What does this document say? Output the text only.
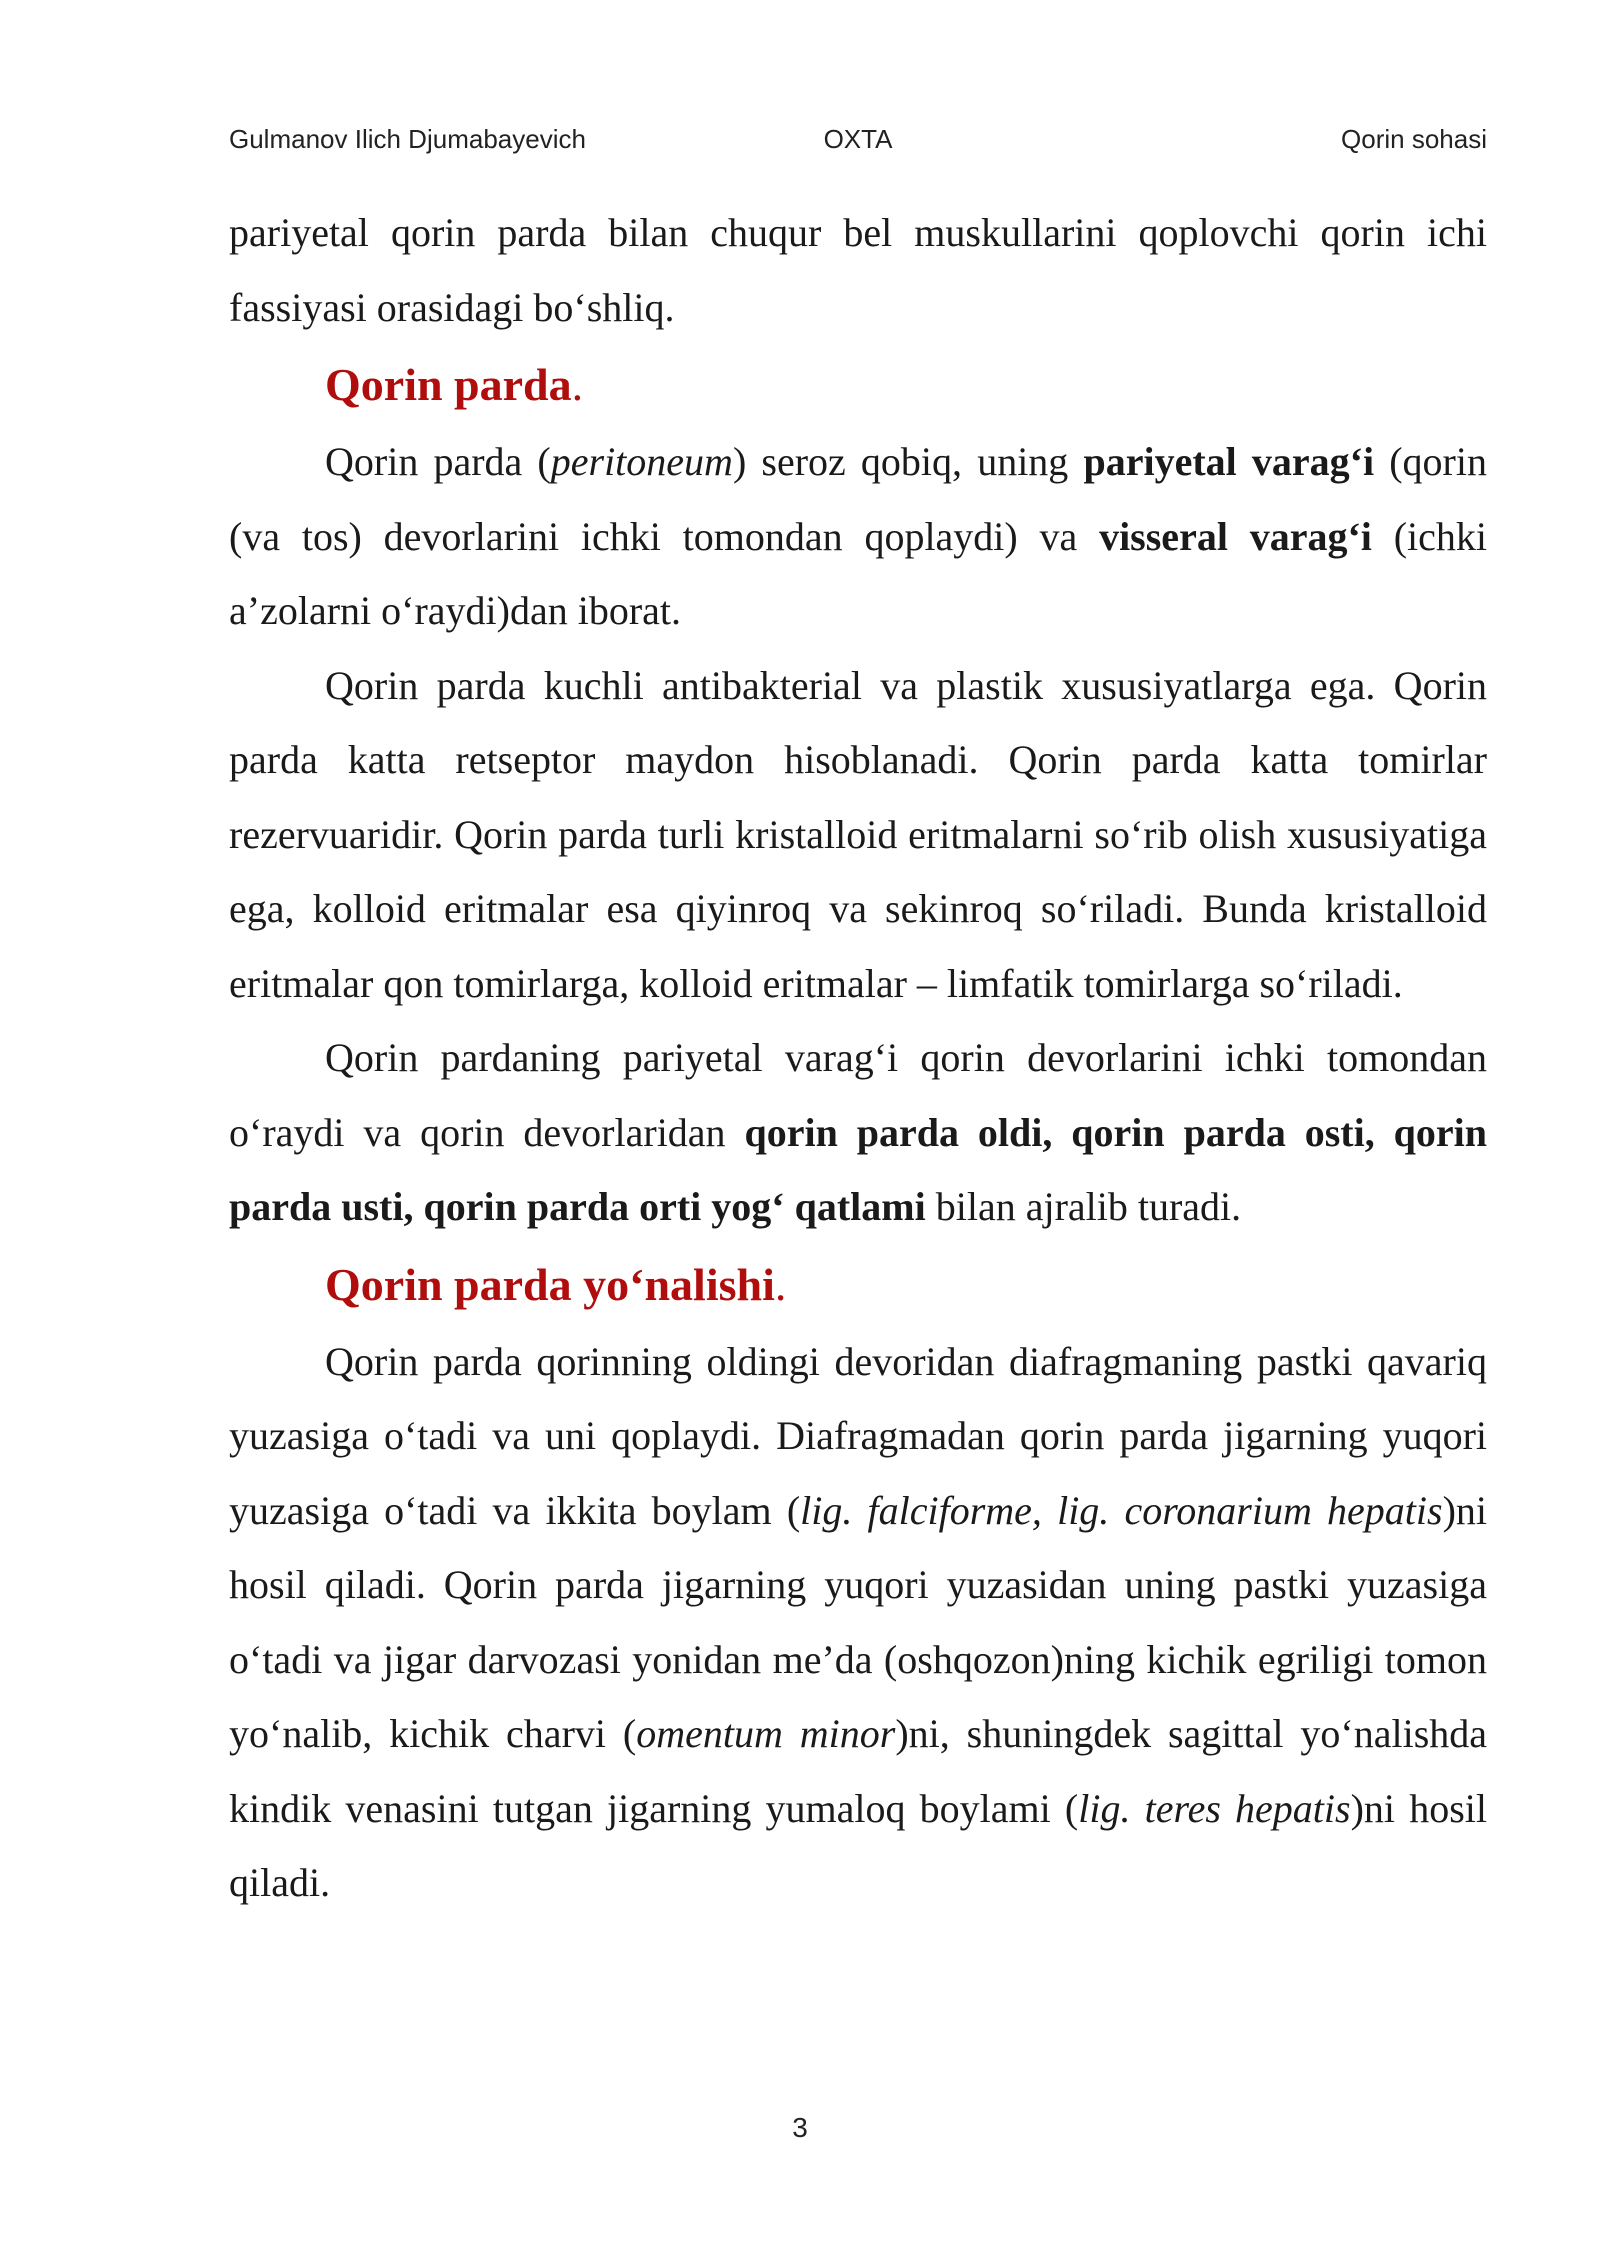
Gulmanov Ilich Djumabayevich	OXTA	Qorin sohasi

pariyetal qorin parda bilan chuqur bel muskullarini qoplovchi qorin ichi fassiyasi orasidagi bo‘shliq.

Qorin parda.

Qorin parda (peritoneum) seroz qobiq, uning pariyetal varag‘i (qorin (va tos) devorlarini ichki tomondan qoplaydi) va visseral varag‘i (ichki a’zolarni o‘raydi)dan iborat.

Qorin parda kuchli antibakterial va plastik xususiyatlarga ega. Qorin parda katta retseptor maydon hisoblanadi. Qorin parda katta tomirlar rezervuaridir. Qorin parda turli kristalloid eritmalarni so‘rib olish xususiyatiga ega, kolloid eritmalar esa qiyinroq va sekinroq so‘riladi. Bunda kristalloid eritmalar qon tomirlarga, kolloid eritmalar – limfatik tomirlarga so‘riladi.

Qorin pardaning pariyetal varag‘i qorin devorlarini ichki tomondan o‘raydi va qorin devorlaridan qorin parda oldi, qorin parda osti, qorin parda usti, qorin parda orti yog‘ qatlami bilan ajralib turadi.

Qorin parda yo‘nalishi.

Qorin parda qorinning oldingi devoridan diafragmaning pastki qavariq yuzasiga o‘tadi va uni qoplaydi. Diafragmadan qorin parda jigarning yuqori yuzasiga o‘tadi va ikkita boylam (lig. falciforme, lig. coronarium hepatis)ni hosil qiladi. Qorin parda jigarning yuqori yuzasidan uning pastki yuzasiga o‘tadi va jigar darvozasi yonidan me’da (oshqozon)ning kichik egriligi tomon yo‘nalib, kichik charvi (omentum minor)ni, shuningdek sagittal yo‘nalishda kindik venasini tutgan jigarning yumaloq boylami (lig. teres hepatis)ni hosil qiladi.

3
